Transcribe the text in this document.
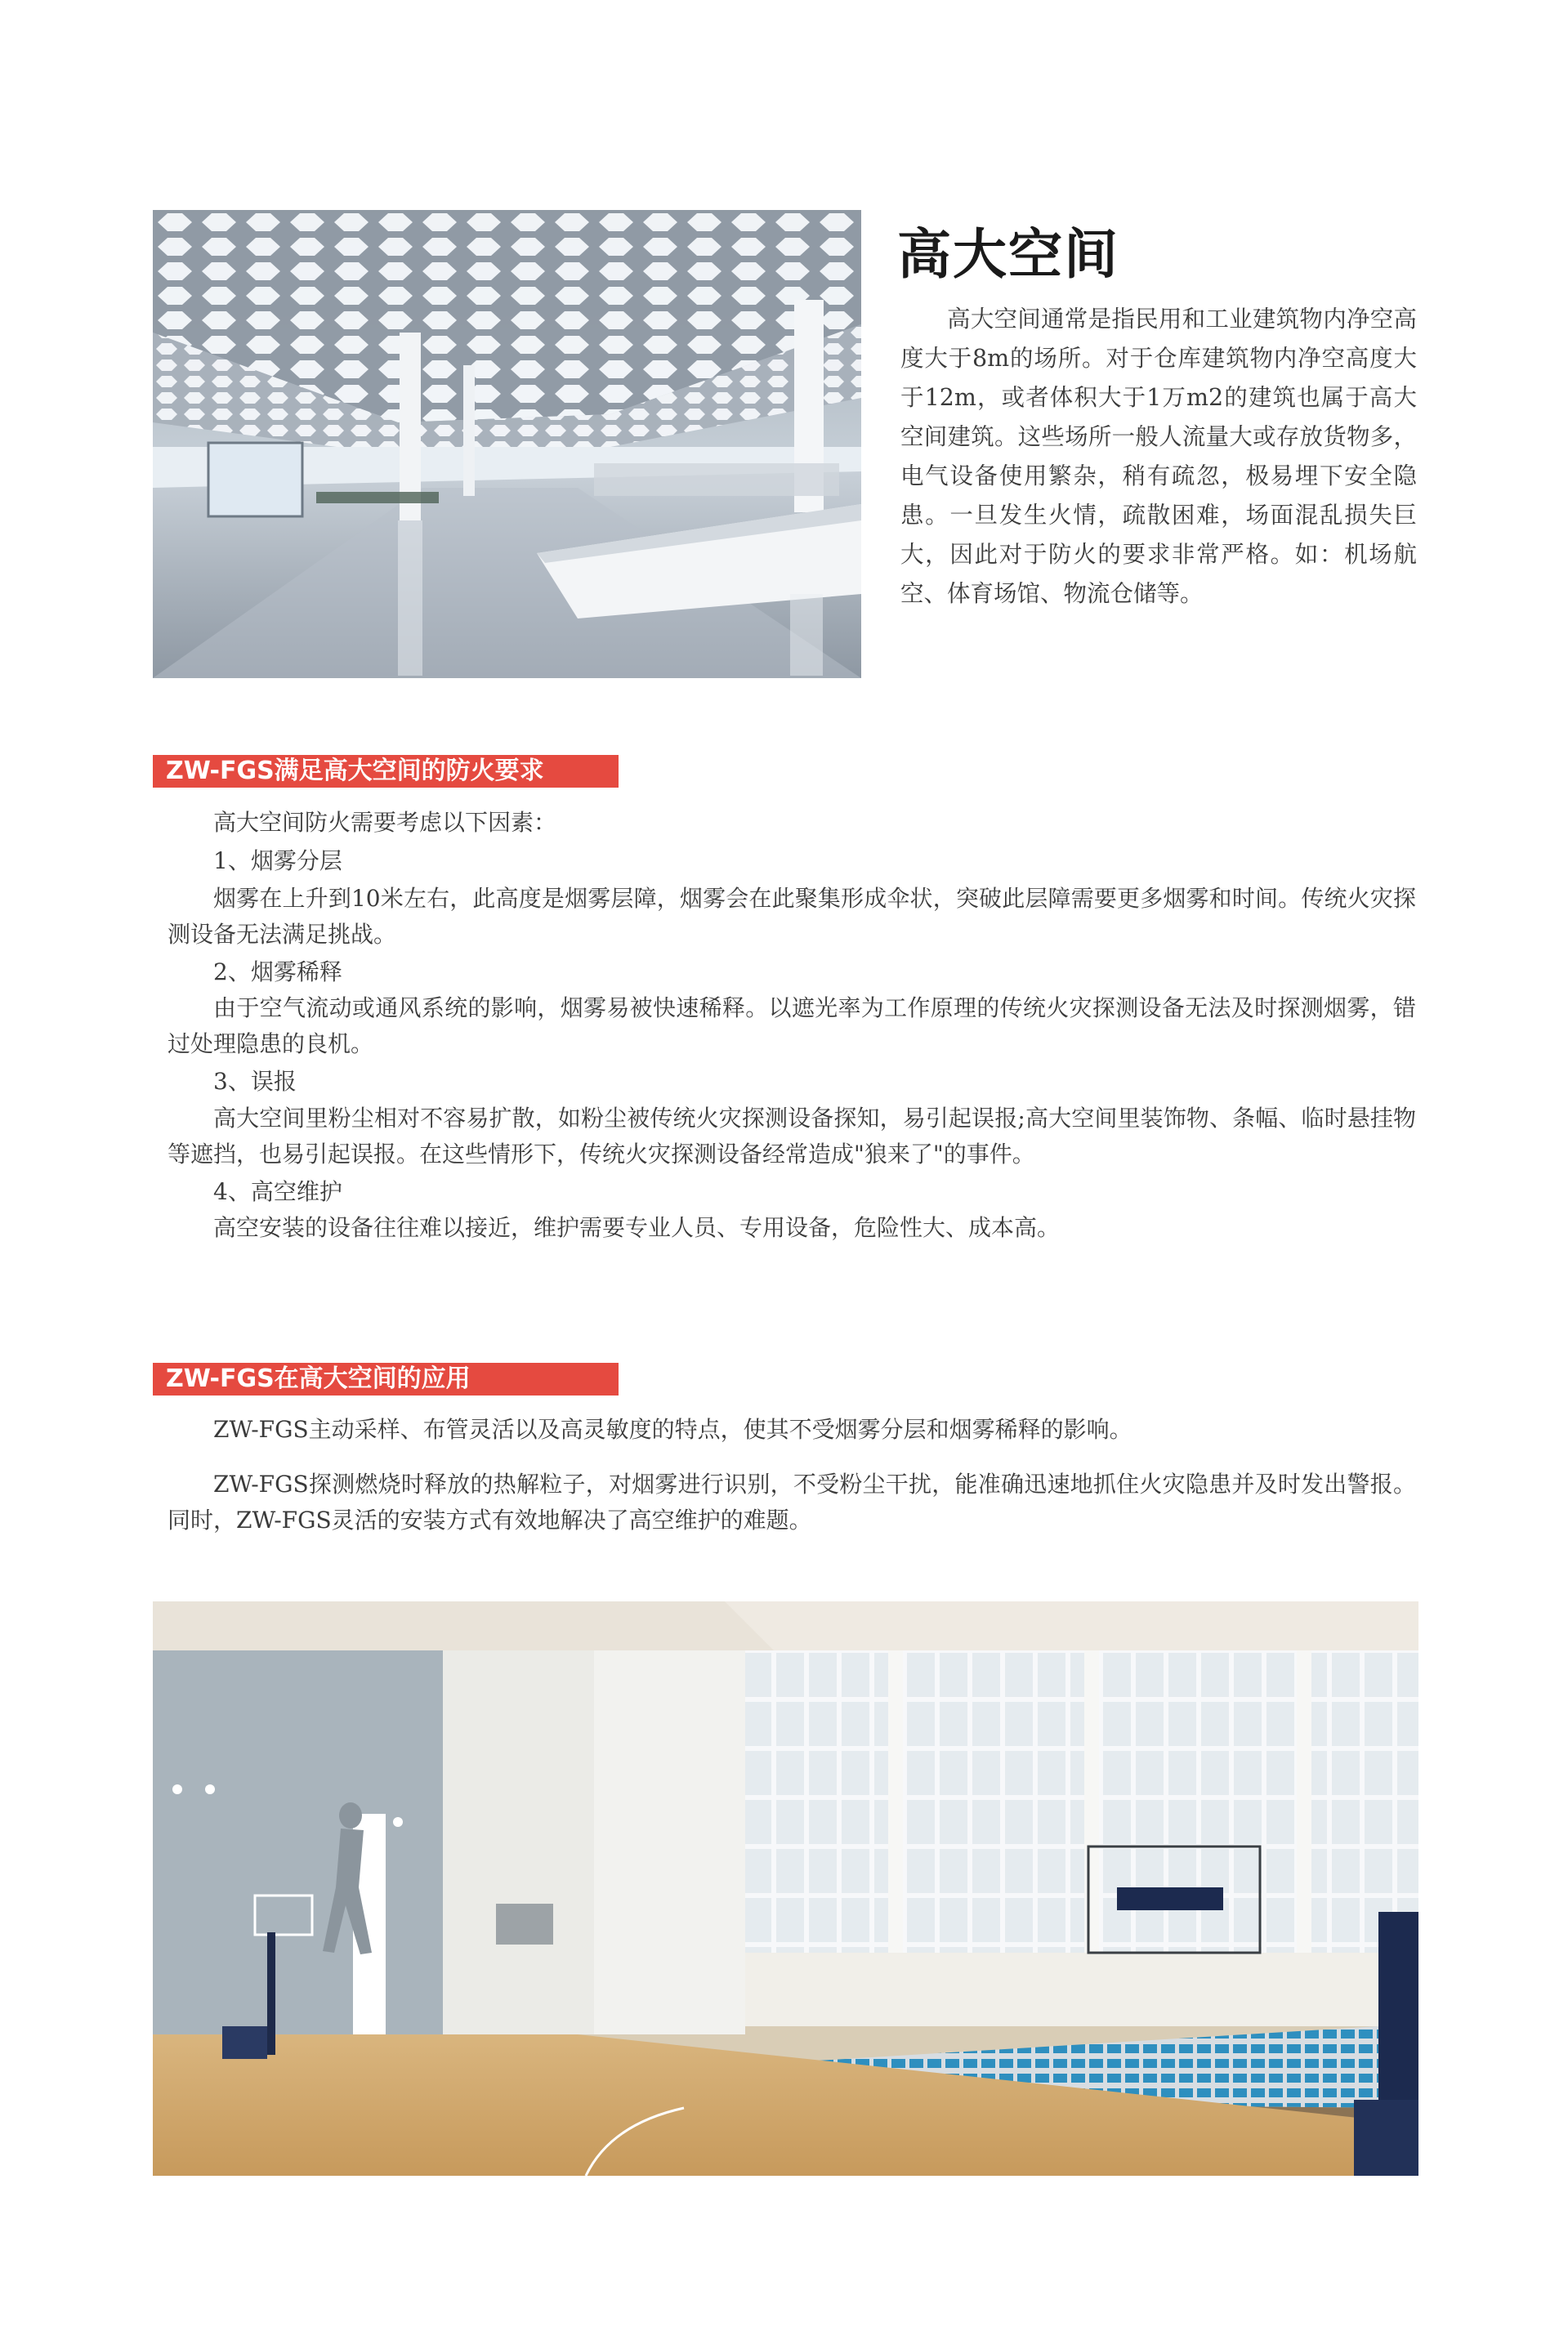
高大空间

高大空间通常是指民用和工业建筑物内净空高度大于8m的场所。对于仓库建筑物内净空高度大于12m，或者体积大于1万m2的建筑也属于高大空间建筑。这些场所一般人流量大或存放货物多，电气设备使用繁杂，稍有疏忽，极易埋下安全隐患。一旦发生火情，疏散困难，场面混乱损失巨大，因此对于防火的要求非常严格。如：机场航空、体育场馆、物流仓储等。

ZW-FGS满足高大空间的防火要求
高大空间防火需要考虑以下因素：
1、烟雾分层

烟雾在上升到10米左右，此高度是烟雾层障，烟雾会在此聚集形成伞状，突破此层障需要更多烟雾和时间。传统火灾探测设备无法满足挑战。

2、烟雾稀释

由于空气流动或通风系统的影响，烟雾易被快速稀释。以遮光率为工作原理的传统火灾探测设备无法及时探测烟雾，错过处理隐患的良机。

3、误报

高大空间里粉尘相对不容易扩散，如粉尘被传统火灾探测设备探知，易引起误报;高大空间里装饰物、条幅、临时悬挂物等遮挡，也易引起误报。在这些情形下，传统火灾探测设备经常造成"狼来了"的事件。

4、高空维护

高空安装的设备往往难以接近，维护需要专业人员、专用设备，危险性大、成本高。

ZW-FGS在高大空间的应用

ZW-FGS主动采样、布管灵活以及高灵敏度的特点，使其不受烟雾分层和烟雾稀释的影响。

ZW-FGS探测燃烧时释放的热解粒子，对烟雾进行识别，不受粉尘干扰，能准确迅速地抓住火灾隐患并及时发出警报。同时，ZW-FGS灵活的安装方式有效地解决了高空维护的难题。
